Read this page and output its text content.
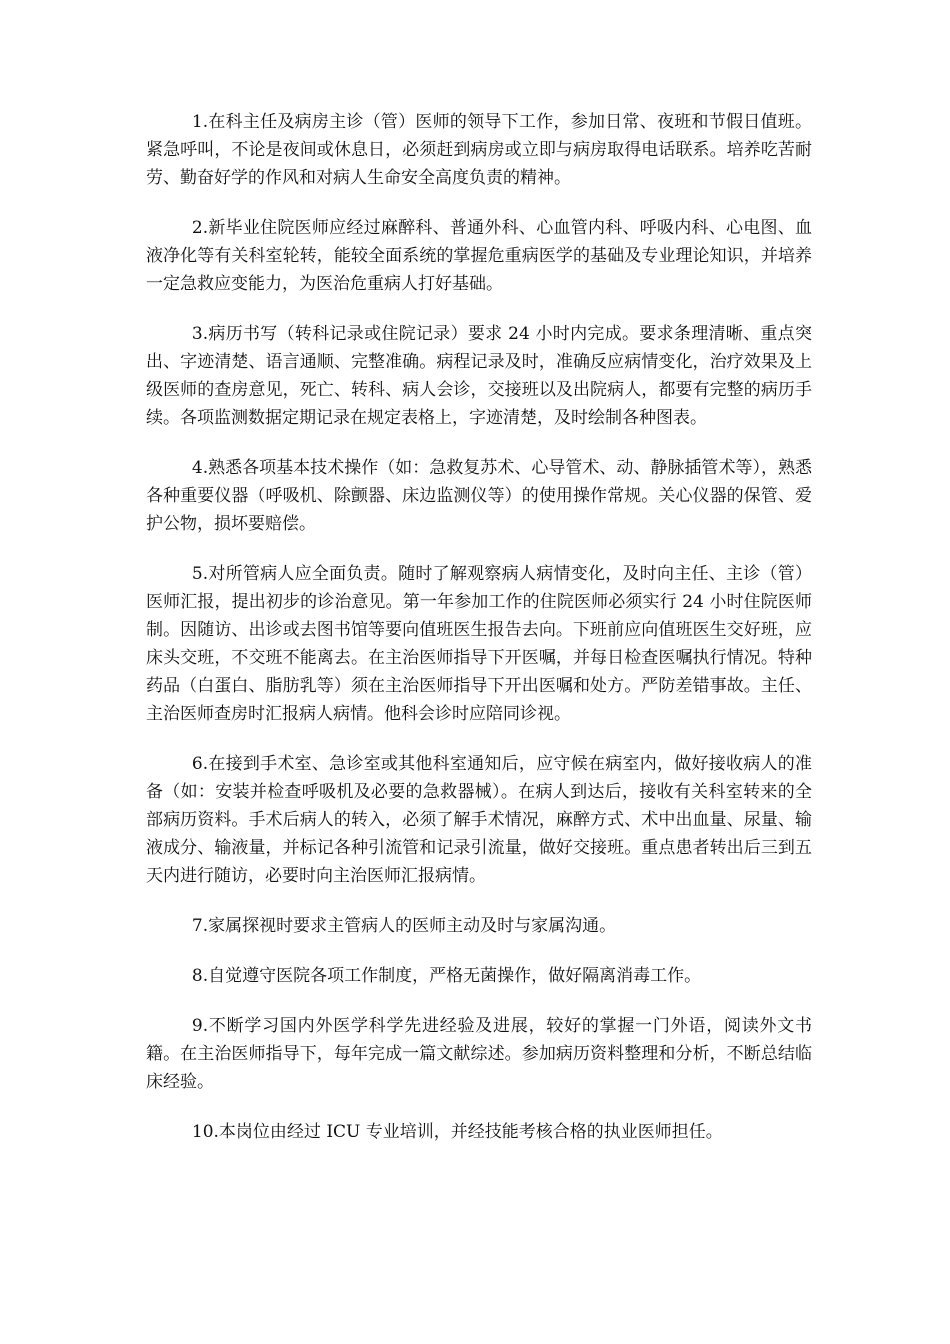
1.在科主任及病房主诊（管）医师的领导下工作，参加日常、夜班和节假日值班。紧急呼叫，不论是夜间或休息日，必须赶到病房或立即与病房取得电话联系。培养吃苦耐劳、勤奋好学的作风和对病人生命安全高度负责的精神。

2.新毕业住院医师应经过麻醉科、普通外科、心血管内科、呼吸内科、心电图、血液净化等有关科室轮转，能较全面系统的掌握危重病医学的基础及专业理论知识，并培养一定急救应变能力，为医治危重病人打好基础。

3.病历书写（转科记录或住院记录）要求 24 小时内完成。要求条理清晰、重点突出、字迹清楚、语言通顺、完整准确。病程记录及时，准确反应病情变化，治疗效果及上级医师的查房意见，死亡、转科、病人会诊，交接班以及出院病人，都要有完整的病历手续。各项监测数据定期记录在规定表格上，字迹清楚，及时绘制各种图表。

4.熟悉各项基本技术操作（如：急救复苏术、心导管术、动、静脉插管术等），熟悉各种重要仪器（呼吸机、除颤器、床边监测仪等）的使用操作常规。关心仪器的保管、爱护公物，损坏要赔偿。

5.对所管病人应全面负责。随时了解观察病人病情变化，及时向主任、主诊（管）医师汇报，提出初步的诊治意见。第一年参加工作的住院医师必须实行 24 小时住院医师制。因随访、出诊或去图书馆等要向值班医生报告去向。下班前应向值班医生交好班，应床头交班，不交班不能离去。在主治医师指导下开医嘱，并每日检查医嘱执行情况。特种药品（白蛋白、脂肪乳等）须在主治医师指导下开出医嘱和处方。严防差错事故。主任、主治医师查房时汇报病人病情。他科会诊时应陪同诊视。

6.在接到手术室、急诊室或其他科室通知后，应守候在病室内，做好接收病人的准备（如：安装并检查呼吸机及必要的急救器械）。在病人到达后，接收有关科室转来的全部病历资料。手术后病人的转入，必须了解手术情况，麻醉方式、术中出血量、尿量、输液成分、输液量，并标记各种引流管和记录引流量，做好交接班。重点患者转出后三到五天内进行随访，必要时向主治医师汇报病情。

7.家属探视时要求主管病人的医师主动及时与家属沟通。

8.自觉遵守医院各项工作制度，严格无菌操作，做好隔离消毒工作。

9.不断学习国内外医学科学先进经验及进展，较好的掌握一门外语，阅读外文书籍。在主治医师指导下，每年完成一篇文献综述。参加病历资料整理和分析，不断总结临床经验。

10.本岗位由经过 ICU 专业培训，并经技能考核合格的执业医师担任。
